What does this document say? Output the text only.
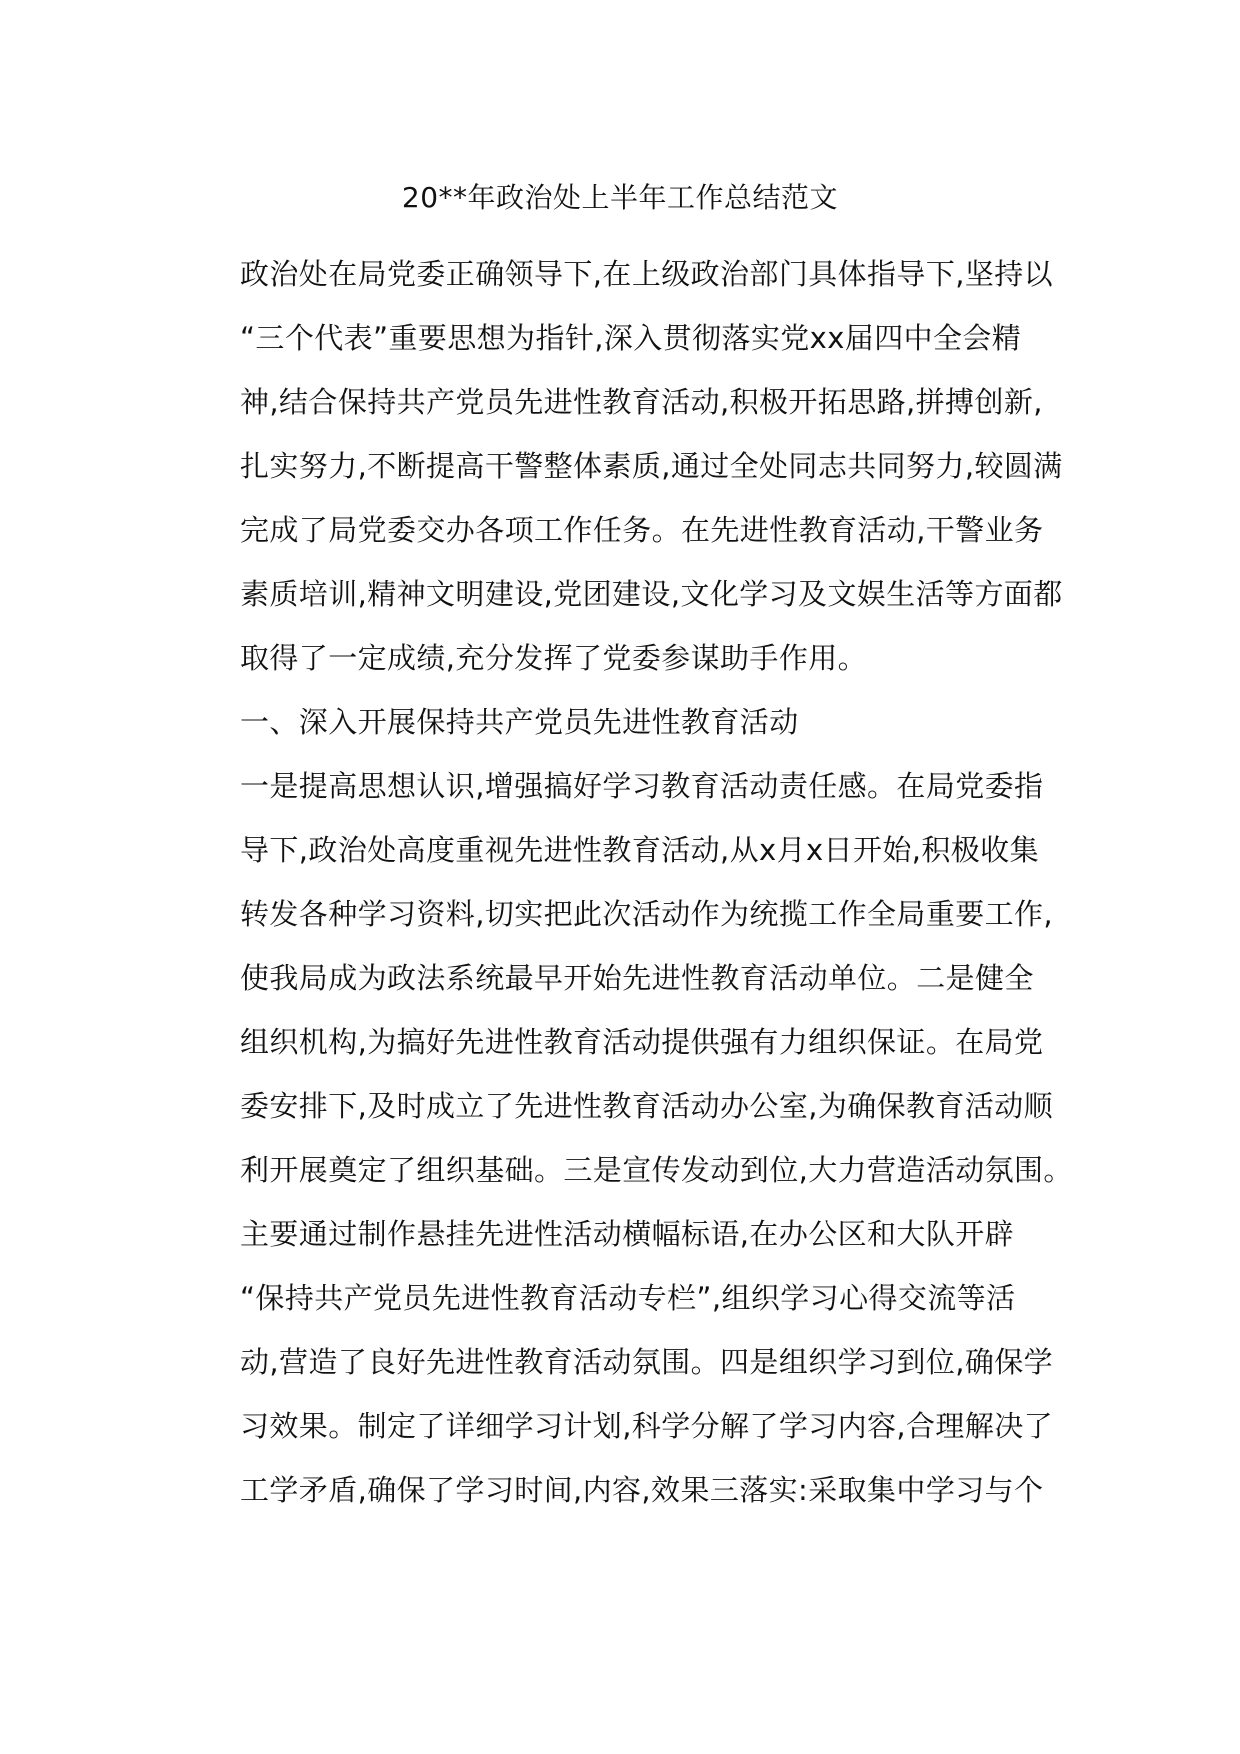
20**年政治处上半年工作总结范文
政治处在局党委正确领导下,在上级政治部门具体指导下,坚持以
“三个代表”重要思想为指针,深入贯彻落实党xx届四中全会精
神,结合保持共产党员先进性教育活动,积极开拓思路,拼搏创新,
扎实努力,不断提高干警整体素质,通过全处同志共同努力,较圆满
完成了局党委交办各项工作任务。在先进性教育活动,干警业务
素质培训,精神文明建设,党团建设,文化学习及文娱生活等方面都
取得了一定成绩,充分发挥了党委参谋助手作用。
一、深入开展保持共产党员先进性教育活动
一是提高思想认识,增强搞好学习教育活动责任感。在局党委指
导下,政治处高度重视先进性教育活动,从x月x日开始,积极收集
转发各种学习资料,切实把此次活动作为统揽工作全局重要工作,
使我局成为政法系统最早开始先进性教育活动单位。二是健全
组织机构,为搞好先进性教育活动提供强有力组织保证。在局党
委安排下,及时成立了先进性教育活动办公室,为确保教育活动顺
利开展奠定了组织基础。三是宣传发动到位,大力营造活动氛围。
主要通过制作悬挂先进性活动横幅标语,在办公区和大队开辟
“保持共产党员先进性教育活动专栏”,组织学习心得交流等活
动,营造了良好先进性教育活动氛围。四是组织学习到位,确保学
习效果。制定了详细学习计划,科学分解了学习内容,合理解决了
工学矛盾,确保了学习时间,内容,效果三落实:采取集中学习与个
